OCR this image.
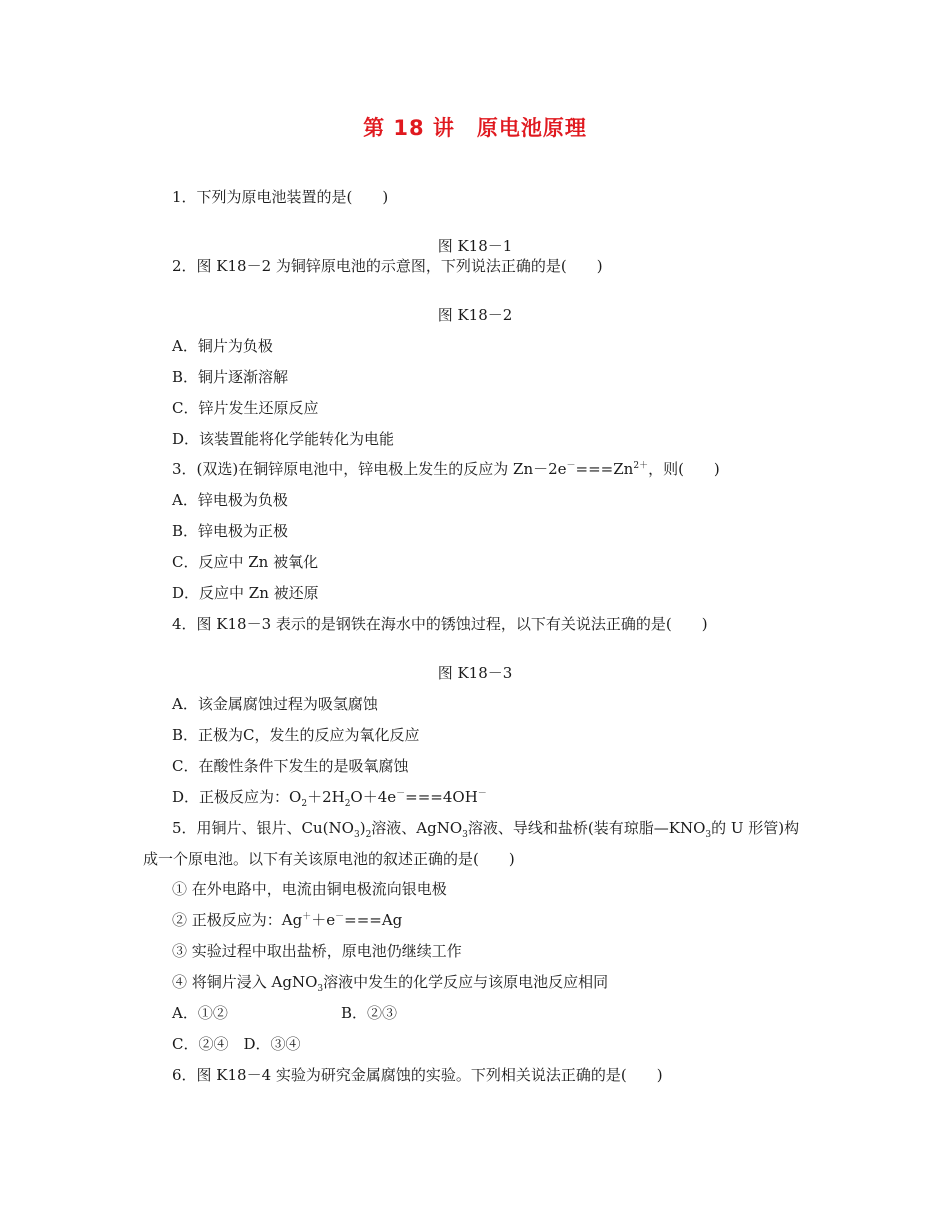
第 18 讲　原电池原理
1．下列为原电池装置的是(　　)
图 K18－1
2．图 K18－2 为铜锌原电池的示意图，下列说法正确的是(　　)
图 K18－2
A．铜片为负极
B．铜片逐渐溶解
C．锌片发生还原反应
D．该装置能将化学能转化为电能
3．(双选)在铜锌原电池中，锌电极上发生的反应为 $Zn-2e^-===Zn^{2+}$，则(　　)
A．锌电极为负极
B．锌电极为正极
C．反应中 Zn 被氧化
D．反应中 Zn 被还原
4．图 K18－3 表示的是钢铁在海水中的锈蚀过程，以下有关说法正确的是(　　)
图 K18－3
A．该金属腐蚀过程为吸氢腐蚀
B．正极为C，发生的反应为氧化反应
C．在酸性条件下发生的是吸氧腐蚀
D．正极反应为：$O_2+2H_2O+4e^-===4OH^-$
5．用铜片、银片、$Cu(NO_3)_2$溶液、AgNO$_3$溶液、导线和盐桥(装有琼脂$—KNO_3$的 U 形管)构
成一个原电池。以下有关该原电池的叙述正确的是(　　)
① 在外电路中，电流由铜电极流向银电极
② 正极反应为：Ag＋＋e－===Ag
③ 实验过程中取出盐桥，原电池仍继续工作
④ 将铜片浸入 AgNO$_3$溶液中发生的化学反应与该原电池反应相同
A．①②	B．②③
C．②④　D．③④
6．图 K18－4 实验为研究金属腐蚀的实验。下列相关说法正确的是(　　)
